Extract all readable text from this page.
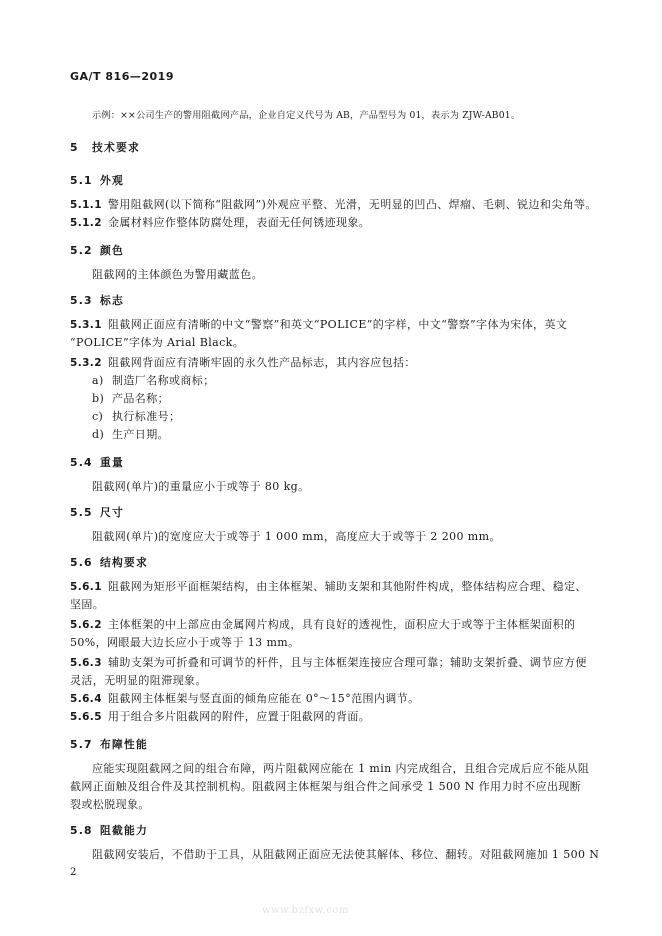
GA/T 816—2019
示例：××公司生产的警用阻截网产品，企业自定义代号为 AB，产品型号为 01，表示为 ZJW-AB01。
5 技术要求
5.1 外观
5.1.1 警用阻截网(以下简称“阻截网”)外观应平整、光滑，无明显的凹凸、焊瘤、毛刺、锐边和尖角等。
5.1.2 金属材料应作整体防腐处理，表面无任何锈迹现象。
5.2 颜色
阻截网的主体颜色为警用藏蓝色。
5.3 标志
5.3.1 阻截网正面应有清晰的中文“警察”和英文“POLICE”的字样，中文“警察”字体为宋体，英文
“POLICE”字体为 Arial Black。
5.3.2 阻截网背面应有清晰牢固的永久性产品标志，其内容应包括：
a) 制造厂名称或商标；
b) 产品名称；
c) 执行标准号；
d) 生产日期。
5.4 重量
阻截网(单片)的重量应小于或等于 80 kg。
5.5 尺寸
阻截网(单片)的宽度应大于或等于 1 000 mm，高度应大于或等于 2 200 mm。
5.6 结构要求
5.6.1 阻截网为矩形平面框架结构，由主体框架、辅助支架和其他附件构成，整体结构应合理、稳定、
坚固。
5.6.2 主体框架的中上部应由金属网片构成，具有良好的透视性，面积应大于或等于主体框架面积的
50%，网眼最大边长应小于或等于 13 mm。
5.6.3 辅助支架为可折叠和可调节的杆件，且与主体框架连接应合理可靠；辅助支架折叠、调节应方便
灵活，无明显的阻滞现象。
5.6.4 阻截网主体框架与竖直面的倾角应能在 0°～15°范围内调节。
5.6.5 用于组合多片阻截网的附件，应置于阻截网的背面。
5.7 布障性能
应能实现阻截网之间的组合布障，两片阻截网应能在 1 min 内完成组合，且组合完成后应不能从阻
截网正面触及组合件及其控制机构。阻截网主体框架与组合件之间承受 1 500 N 作用力时不应出现断
裂或松脱现象。
5.8 阻截能力
阻截网安装后，不借助于工具，从阻截网正面应无法使其解体、移位、翻转。对阻截网施加 1 500 N
2
www.bzfxw.com
